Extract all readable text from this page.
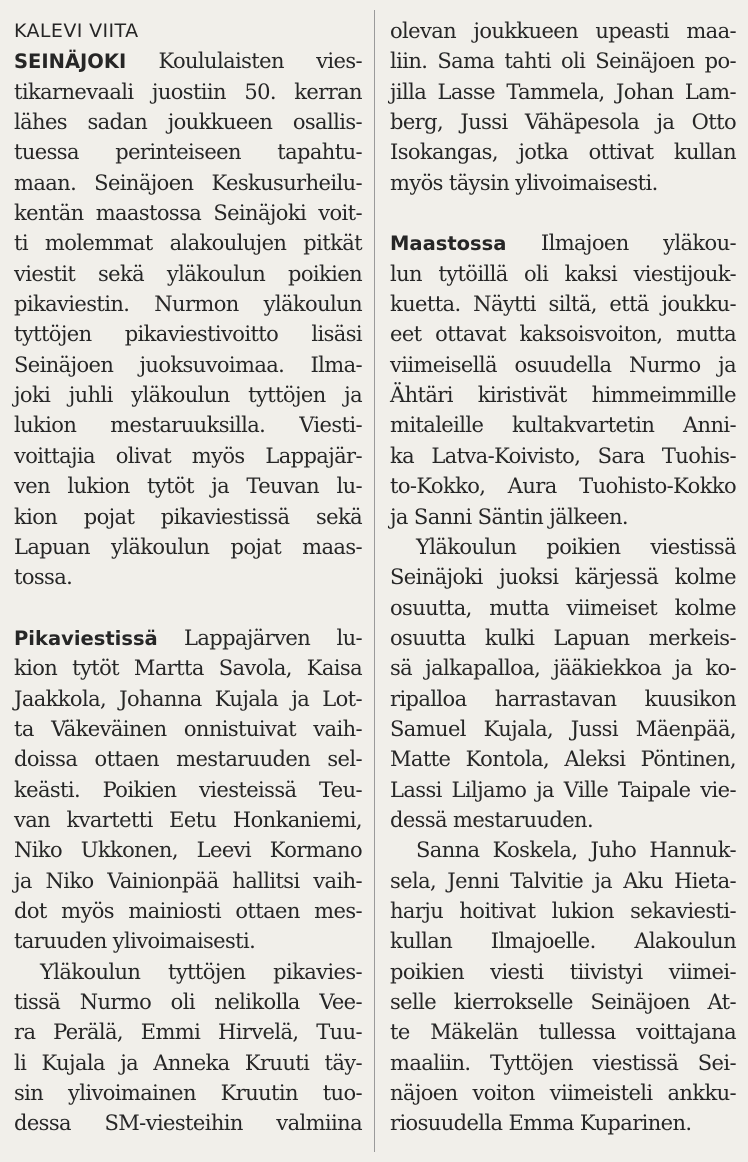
KALEVI VIITA
SEINÄJOKI Koululaisten vies-
tikarnevaali juostiin 50. kerran
lähes sadan joukkueen osallis-
tuessa perinteiseen tapahtu-
maan. Seinäjoen Keskusurheilu-
kentän maastossa Seinäjoki voit-
ti molemmat alakoulujen pitkät
viestit sekä yläkoulun poikien
pikaviestin. Nurmon yläkoulun
tyttöjen pikaviestivoitto lisäsi
Seinäjoen juoksuvoimaa. Ilma-
joki juhli yläkoulun tyttöjen ja
lukion mestaruuksilla. Viesti-
voittajia olivat myös Lappajär-
ven lukion tytöt ja Teuvan lu-
kion pojat pikaviestissä sekä
Lapuan yläkoulun pojat maas-
tossa.
Pikaviestissä Lappajärven lu-
kion tytöt Martta Savola, Kaisa
Jaakkola, Johanna Kujala ja Lot-
ta Väkeväinen onnistuivat vaih-
doissa ottaen mestaruuden sel-
keästi. Poikien viesteissä Teu-
van kvartetti Eetu Honkaniemi,
Niko Ukkonen, Leevi Kormano
ja Niko Vainionpää hallitsi vaih-
dot myös mainiosti ottaen mes-
taruuden ylivoimaisesti.
Yläkoulun tyttöjen pikavies-
tissä Nurmo oli nelikolla Vee-
ra Perälä, Emmi Hirvelä, Tuu-
li Kujala ja Anneka Kruuti täy-
sin ylivoimainen Kruutin tuo-
dessa SM-viesteihin valmiina
olevan joukkueen upeasti maa-
liin. Sama tahti oli Seinäjoen po-
jilla Lasse Tammela, Johan Lam-
berg, Jussi Vähäpesola ja Otto
Isokangas, jotka ottivat kullan
myös täysin ylivoimaisesti.
Maastossa Ilmajoen yläkou-
lun tytöillä oli kaksi viestijouk-
kuetta. Näytti siltä, että joukku-
eet ottavat kaksoisvoiton, mutta
viimeisellä osuudella Nurmo ja
Ähtäri kiristivät himmeimmille
mitaleille kultakvartetin Anni-
ka Latva-Koivisto, Sara Tuohis-
to-Kokko, Aura Tuohisto-Kokko
ja Sanni Säntin jälkeen.
Yläkoulun poikien viestissä
Seinäjoki juoksi kärjessä kolme
osuutta, mutta viimeiset kolme
osuutta kulki Lapuan merkeis-
sä jalkapalloa, jääkiekkoa ja ko-
ripalloa harrastavan kuusikon
Samuel Kujala, Jussi Mäenpää,
Matte Kontola, Aleksi Pöntinen,
Lassi Liljamo ja Ville Taipale vie-
dessä mestaruuden.
Sanna Koskela, Juho Hannuk-
sela, Jenni Talvitie ja Aku Hieta-
harju hoitivat lukion sekaviesti-
kullan Ilmajoelle. Alakoulun
poikien viesti tiivistyi viimei-
selle kierrokselle Seinäjoen At-
te Mäkelän tullessa voittajana
maaliin. Tyttöjen viestissä Sei-
näjoen voiton viimeisteli ankku-
riosuudella Emma Kuparinen.
